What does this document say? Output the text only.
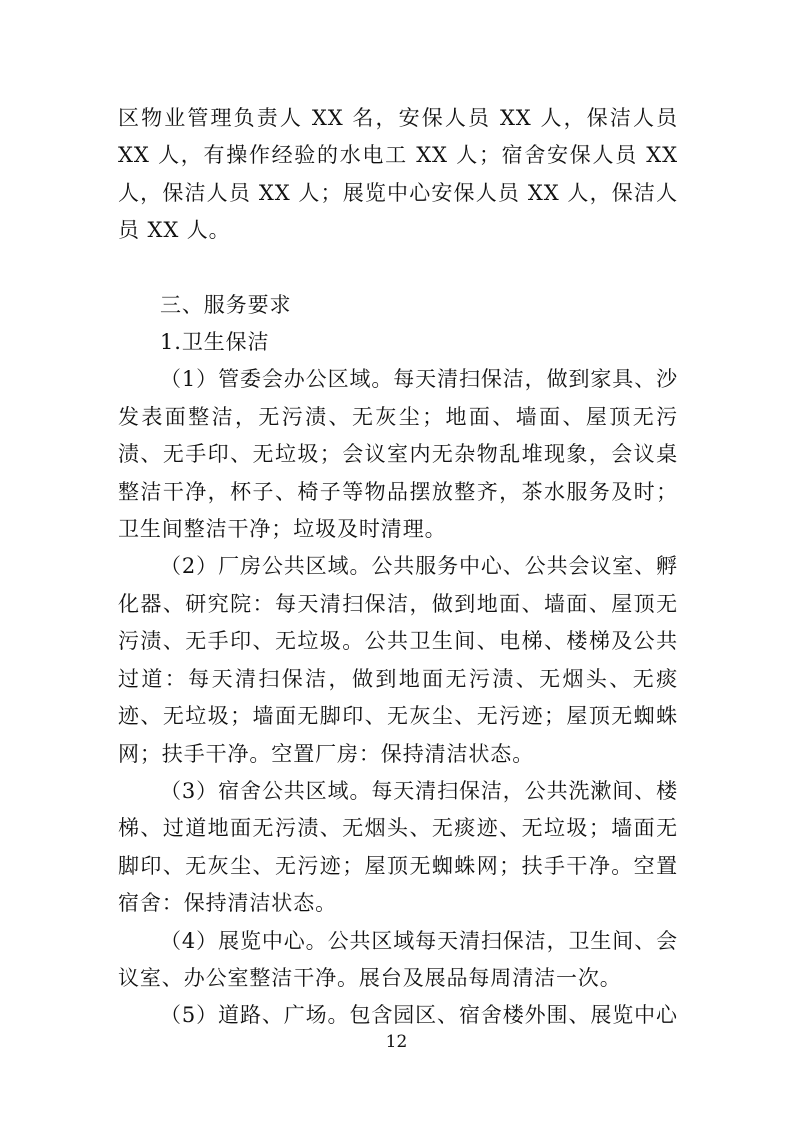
区物业管理负责人 XX 名，安保人员 XX 人，保洁人员 XX 人，有操作经验的水电工 XX 人；宿舍安保人员 XX 人，保洁人员 XX 人；展览中心安保人员 XX 人，保洁人员 XX 人。

三、服务要求

1.卫生保洁

（1）管委会办公区域。每天清扫保洁，做到家具、沙发表面整洁，无污渍、无灰尘；地面、墙面、屋顶无污渍、无手印、无垃圾；会议室内无杂物乱堆现象，会议桌整洁干净，杯子、椅子等物品摆放整齐，茶水服务及时；卫生间整洁干净；垃圾及时清理。

（2）厂房公共区域。公共服务中心、公共会议室、孵化器、研究院：每天清扫保洁，做到地面、墙面、屋顶无污渍、无手印、无垃圾。公共卫生间、电梯、楼梯及公共过道：每天清扫保洁，做到地面无污渍、无烟头、无痰迹、无垃圾；墙面无脚印、无灰尘、无污迹；屋顶无蜘蛛网；扶手干净。空置厂房：保持清洁状态。

（3）宿舍公共区域。每天清扫保洁，公共洗漱间、楼梯、过道地面无污渍、无烟头、无痰迹、无垃圾；墙面无脚印、无灰尘、无污迹；屋顶无蜘蛛网；扶手干净。空置宿舍：保持清洁状态。

（4）展览中心。公共区域每天清扫保洁，卫生间、会议室、办公室整洁干净。展台及展品每周清洁一次。

（5）道路、广场。包含园区、宿舍楼外围、展览中心

12
